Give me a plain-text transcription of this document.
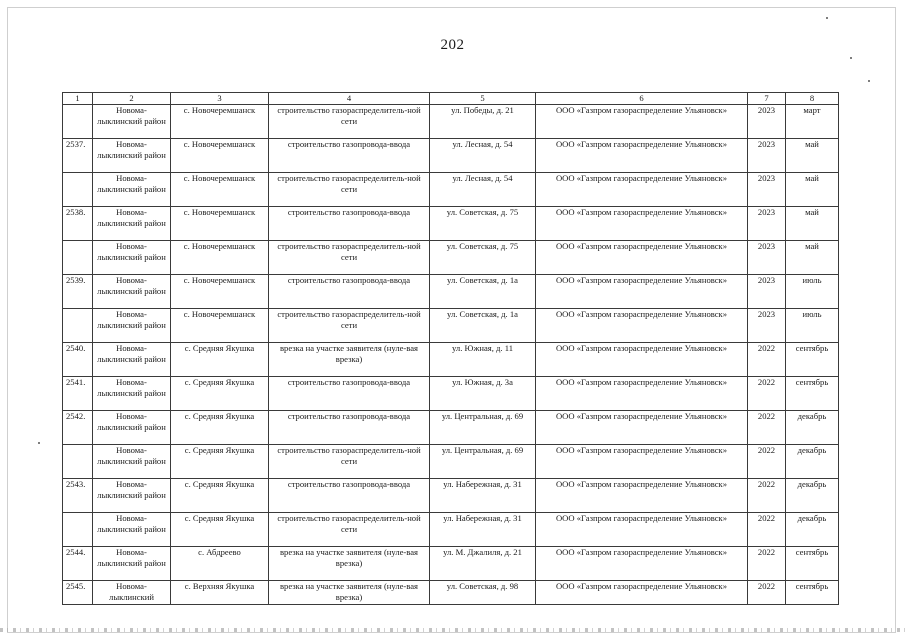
202
1	2	3	4	5	6	7	8
	Новома-лыклинский район	с. Новочеремшанск	строительство газораспределитель-ной сети	ул. Победы, д. 21	ООО «Газпром газораспределение Ульяновск»	2023	март
2537.	Новома-лыклинский район	с. Новочеремшанск	строительство газопровода-ввода	ул. Лесная, д. 54	ООО «Газпром газораспределение Ульяновск»	2023	май
	Новома-лыклинский район	с. Новочеремшанск	строительство газораспределитель-ной сети	ул. Лесная, д. 54	ООО «Газпром газораспределение Ульяновск»	2023	май
2538.	Новома-лыклинский район	с. Новочеремшанск	строительство газопровода-ввода	ул. Советская, д. 75	ООО «Газпром газораспределение Ульяновск»	2023	май
	Новома-лыклинский район	с. Новочеремшанск	строительство газораспределитель-ной сети	ул. Советская, д. 75	ООО «Газпром газораспределение Ульяновск»	2023	май
2539.	Новома-лыклинский район	с. Новочеремшанск	строительство газопровода-ввода	ул. Советская, д. 1а	ООО «Газпром газораспределение Ульяновск»	2023	июль
	Новома-лыклинский район	с. Новочеремшанск	строительство газораспределитель-ной сети	ул. Советская, д. 1а	ООО «Газпром газораспределение Ульяновск»	2023	июль
2540.	Новома-лыклинский район	с. Средняя Якушка	врезка на участке заявителя (нуле-вая врезка)	ул. Южная, д. 11	ООО «Газпром газораспределение Ульяновск»	2022	сентябрь
2541.	Новома-лыклинский район	с. Средняя Якушка	строительство газопровода-ввода	ул. Южная, д. 3а	ООО «Газпром газораспределение Ульяновск»	2022	сентябрь
2542.	Новома-лыклинский район	с. Средняя Якушка	строительство газопровода-ввода	ул. Центральная, д. 69	ООО «Газпром газораспределение Ульяновск»	2022	декабрь
	Новома-лыклинский район	с. Средняя Якушка	строительство газораспределитель-ной сети	ул. Центральная, д. 69	ООО «Газпром газораспределение Ульяновск»	2022	декабрь
2543.	Новома-лыклинский район	с. Средняя Якушка	строительство газопровода-ввода	ул. Набережная, д. 31	ООО «Газпром газораспределение Ульяновск»	2022	декабрь
	Новома-лыклинский район	с. Средняя Якушка	строительство газораспределитель-ной сети	ул. Набережная, д. 31	ООО «Газпром газораспределение Ульяновск»	2022	декабрь
2544.	Новома-лыклинский район	с. Абдреево	врезка на участке заявителя (нуле-вая врезка)	ул. М. Джалиля, д. 21	ООО «Газпром газораспределение Ульяновск»	2022	сентябрь
2545.	Новома-лыклинский	с. Верхняя Якушка	врезка на участке заявителя (нуле-вая врезка)	ул. Советская, д. 98	ООО «Газпром газораспределение Ульяновск»	2022	сентябрь
